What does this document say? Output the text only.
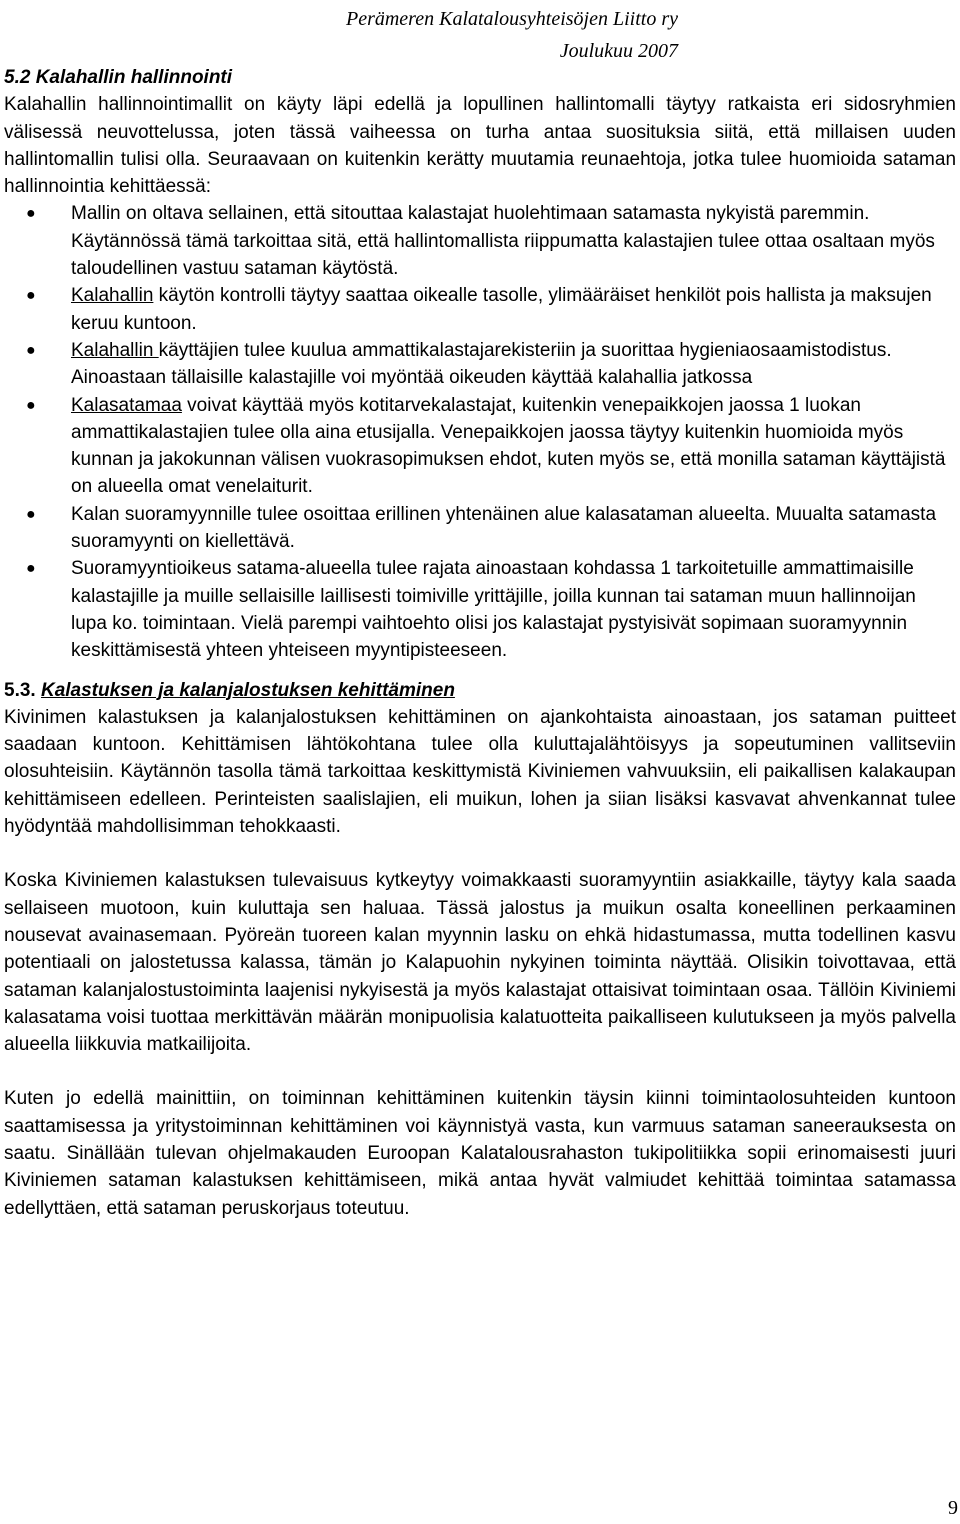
Perämeren Kalatalousyhteisöjen Liitto ry
Joulukuu 2007
5.2 Kalahallin hallinnointi

Kalahallin hallinnointimallit on käyty läpi edellä ja lopullinen hallintomalli täytyy ratkaista eri sidosryhmien välisessä neuvottelussa, joten tässä vaiheessa on turha antaa suosituksia siitä, että millaisen uuden hallintomallin tulisi olla. Seuraavaan on kuitenkin kerätty muutamia reunaehtoja, jotka tulee huomioida sataman hallinnointia kehittäessä:

● Mallin on oltava sellainen, että sitouttaa kalastajat huolehtimaan satamasta nykyistä paremmin. Käytännössä tämä tarkoittaa sitä, että hallintomallista riippumatta kalastajien tulee ottaa osaltaan myös taloudellinen vastuu sataman käytöstä.
● Kalahallin käytön kontrolli täytyy saattaa oikealle tasolle, ylimääräiset henkilöt pois hallista ja maksujen keruu kuntoon.
● Kalahallin käyttäjien tulee kuulua ammattikalastajarekisteriin ja suorittaa hygieniaosaamistodistus. Ainoastaan tällaisille kalastajille voi myöntää oikeuden käyttää kalahallia jatkossa
● Kalasatamaa voivat käyttää myös kotitarvekalastajat, kuitenkin venepaikkojen jaossa 1 luokan ammattikalastajien tulee olla aina etusijalla. Venepaikkojen jaossa täytyy kuitenkin huomioida myös kunnan ja jakokunnan välisen vuokrasopimuksen ehdot, kuten myös se, että monilla sataman käyttäjistä on alueella omat venelaiturit.
● Kalan suoramyynnille tulee osoittaa erillinen yhtenäinen alue kalasataman alueelta. Muualta satamasta suoramyynti on kiellettävä.
● Suoramyyntioikeus satama-alueella tulee rajata ainoastaan kohdassa 1 tarkoitetuille ammattimaisille kalastajille ja muille sellaisille laillisesti toimiville yrittäjille, joilla kunnan tai sataman muun hallinnoijan lupa ko. toimintaan. Vielä parempi vaihtoehto olisi jos kalastajat pystyisivät sopimaan suoramyynnin keskittämisestä yhteen yhteiseen myyntipisteeseen.
5.3. Kalastuksen ja kalanjalostuksen kehittäminen

Kivinimen kalastuksen ja kalanjalostuksen kehittäminen on ajankohtaista ainoastaan, jos sataman puitteet saadaan kuntoon. Kehittämisen lähtökohtana tulee olla kuluttajalähtöisyys ja sopeutuminen vallitseviin olosuhteisiin. Käytännön tasolla tämä tarkoittaa keskittymistä Kiviniemen vahvuuksiin, eli paikallisen kalakaupan kehittämiseen edelleen. Perinteisten saalislajien, eli muikun, lohen ja siian lisäksi kasvavat ahvenkannat tulee hyödyntää mahdollisimman tehokkaasti.

Koska Kiviniemen kalastuksen tulevaisuus kytkeytyy voimakkaasti suoramyyntiin asiakkaille, täytyy kala saada sellaiseen muotoon, kuin kuluttaja sen haluaa. Tässä jalostus ja muikun osalta koneellinen perkaaminen nousevat avainasemaan. Pyöreän tuoreen kalan myynnin lasku on ehkä hidastumassa, mutta todellinen kasvu potentiaali on jalostetussa kalassa, tämän jo Kalapuohin nykyinen toiminta näyttää. Olisikin toivottavaa, että sataman kalanjalostustoiminta laajenisi nykyisestä ja myös kalastajat ottaisivat toimintaan osaa. Tällöin Kiviniemi kalasatama voisi tuottaa merkittävän määrän monipuolisia kalatuotteita paikalliseen kulutukseen ja myös palvella alueella liikkuvia matkailijoita.

Kuten jo edellä mainittiin, on toiminnan kehittäminen kuitenkin täysin kiinni toimintaolosuhteiden kuntoon saattamisessa ja yritystoiminnan kehittäminen voi käynnistyä vasta, kun varmuus sataman saneerauksesta on saatu. Sinällään tulevan ohjelmakauden Euroopan Kalatalousrahaston tukipolitiikka sopii erinomaisesti juuri Kiviniemen sataman kalastuksen kehittämiseen, mikä antaa hyvät valmiudet kehittää toimintaa satamassa edellyttäen, että sataman peruskorjaus toteutuu.

9
